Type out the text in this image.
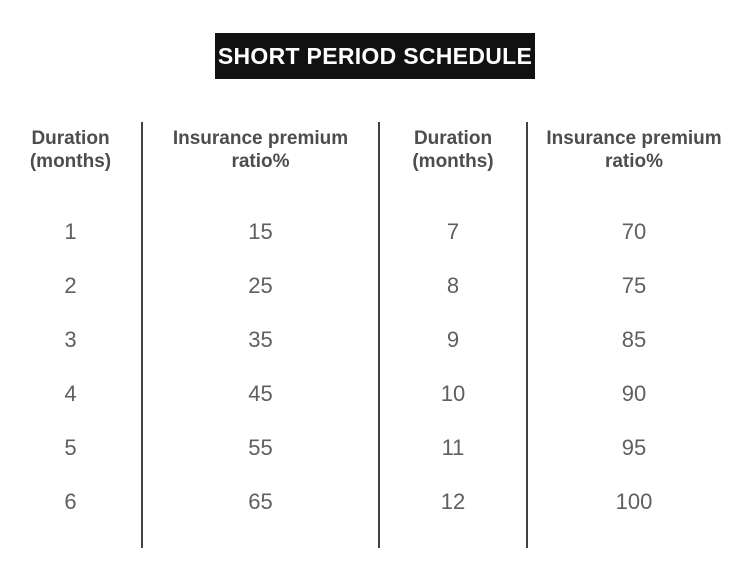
SHORT PERIOD SCHEDULE
Duration (months)
1
2
3
4
5
6
Insurance premium ratio%
15
25
35
45
55
65
Duration (months)
7
8
9
10
11
12
Insurance premium ratio%
70
75
85
90
95
100
